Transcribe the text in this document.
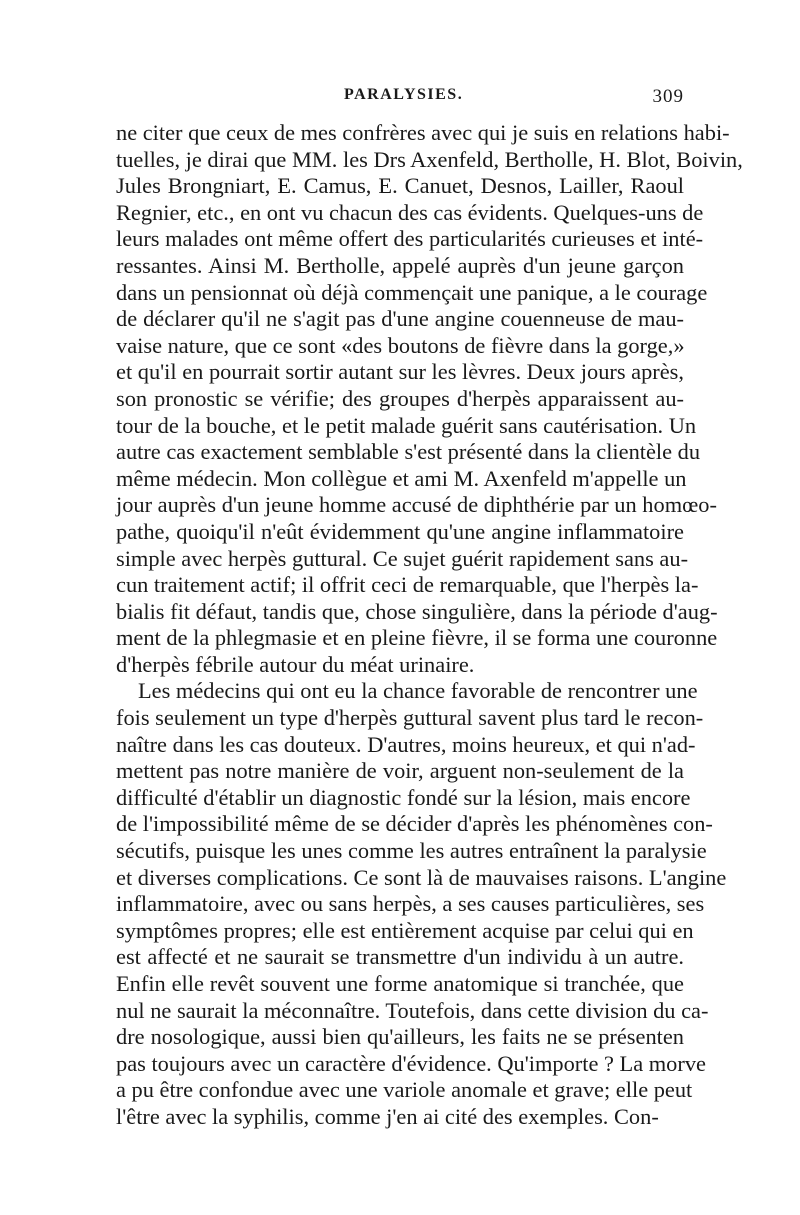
PARALYSIES.	309
ne citer que ceux de mes confrères avec qui je suis en relations habi-
tuelles, je dirai que MM. les Drs Axenfeld, Bertholle, H. Blot, Boivin,
Jules Brongniart, E. Camus, E. Canuet, Desnos, Lailler, Raoul
Regnier, etc., en ont vu chacun des cas évidents. Quelques-uns de
leurs malades ont même offert des particularités curieuses et inté-
ressantes. Ainsi M. Bertholle, appelé auprès d'un jeune garçon
dans un pensionnat où déjà commençait une panique, a le courage
de déclarer qu'il ne s'agit pas d'une angine couenneuse de mau-
vaise nature, que ce sont «des boutons de fièvre dans la gorge,»
et qu'il en pourrait sortir autant sur les lèvres. Deux jours après,
son pronostic se vérifie; des groupes d'herpès apparaissent au-
tour de la bouche, et le petit malade guérit sans cautérisation. Un
autre cas exactement semblable s'est présenté dans la clientèle du
même médecin. Mon collègue et ami M. Axenfeld m'appelle un
jour auprès d'un jeune homme accusé de diphthérie par un homœo-
pathe, quoiqu'il n'eût évidemment qu'une angine inflammatoire
simple avec herpès guttural. Ce sujet guérit rapidement sans au-
cun traitement actif; il offrit ceci de remarquable, que l'herpès la-
bialis fit défaut, tandis que, chose singulière, dans la période d'aug-
ment de la phlegmasie et en pleine fièvre, il se forma une couronne
d'herpès fébrile autour du méat urinaire.
Les médecins qui ont eu la chance favorable de rencontrer une
fois seulement un type d'herpès guttural savent plus tard le recon-
naître dans les cas douteux. D'autres, moins heureux, et qui n'ad-
mettent pas notre manière de voir, arguent non-seulement de la
difficulté d'établir un diagnostic fondé sur la lésion, mais encore
de l'impossibilité même de se décider d'après les phénomènes con-
sécutifs, puisque les unes comme les autres entraînent la paralysie
et diverses complications. Ce sont là de mauvaises raisons. L'angine
inflammatoire, avec ou sans herpès, a ses causes particulières, ses
symptômes propres; elle est entièrement acquise par celui qui en
est affecté et ne saurait se transmettre d'un individu à un autre.
Enfin elle revêt souvent une forme anatomique si tranchée, que
nul ne saurait la méconnaître. Toutefois, dans cette division du ca-
dre nosologique, aussi bien qu'ailleurs, les faits ne se présenten
pas toujours avec un caractère d'évidence. Qu'importe ? La morve
a pu être confondue avec une variole anomale et grave; elle peut
l'être avec la syphilis, comme j'en ai cité des exemples. Con-
